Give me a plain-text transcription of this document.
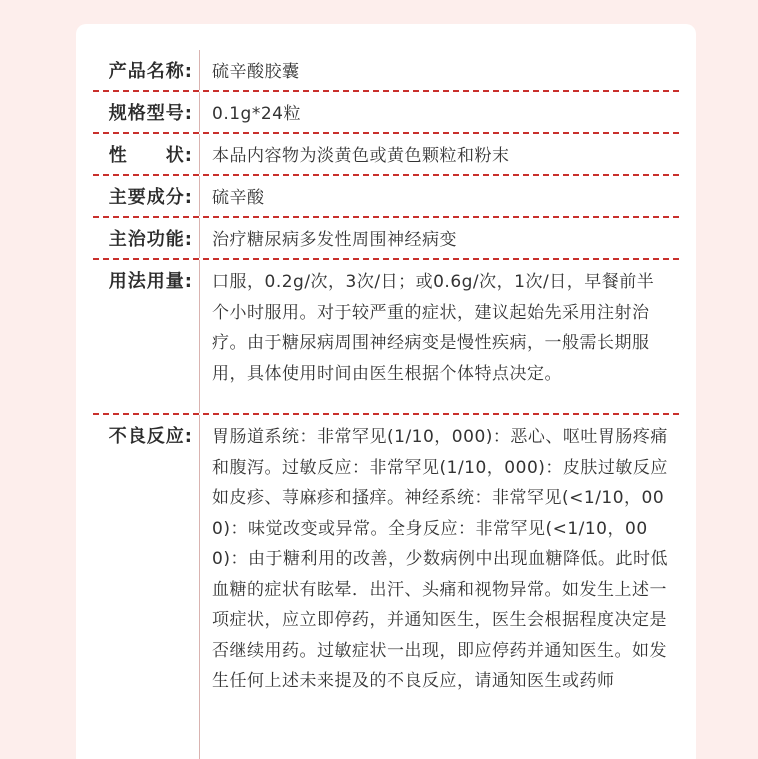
产品名称:	硫辛酸胶囊
规格型号:	0.1g*24粒
性　　状:	本品内容物为淡黄色或黄色颗粒和粉末
主要成分:	硫辛酸
主治功能:	治疗糖尿病多发性周围神经病变
用法用量:	口服，0.2g/次，3次/日；或0.6g/次，1次/日，早餐前半个小时服用。对于较严重的症状，建议起始先采用注射治疗。由于糖尿病周围神经病变是慢性疾病，一般需长期服用，具体使用时间由医生根据个体特点决定。
不良反应:	胃肠道系统：非常罕见(1/10，000)：恶心、呕吐胃肠疼痛和腹泻。过敏反应：非常罕见(1/10，000)：皮肤过敏反应如皮疹、荨麻疹和搔痒。神经系统：非常罕见(<1/10，000)：味觉改变或异常。全身反应：非常罕见(<1/10，000)：由于糖利用的改善，少数病例中出现血糖降低。此时低血糖的症状有眩晕．出汗、头痛和视物异常。如发生上述一项症状，应立即停药，并通知医生，医生会根据程度决定是否继续用药。过敏症状一出现，即应停药并通知医生。如发生任何上述未来提及的不良反应，请通知医生或药师
